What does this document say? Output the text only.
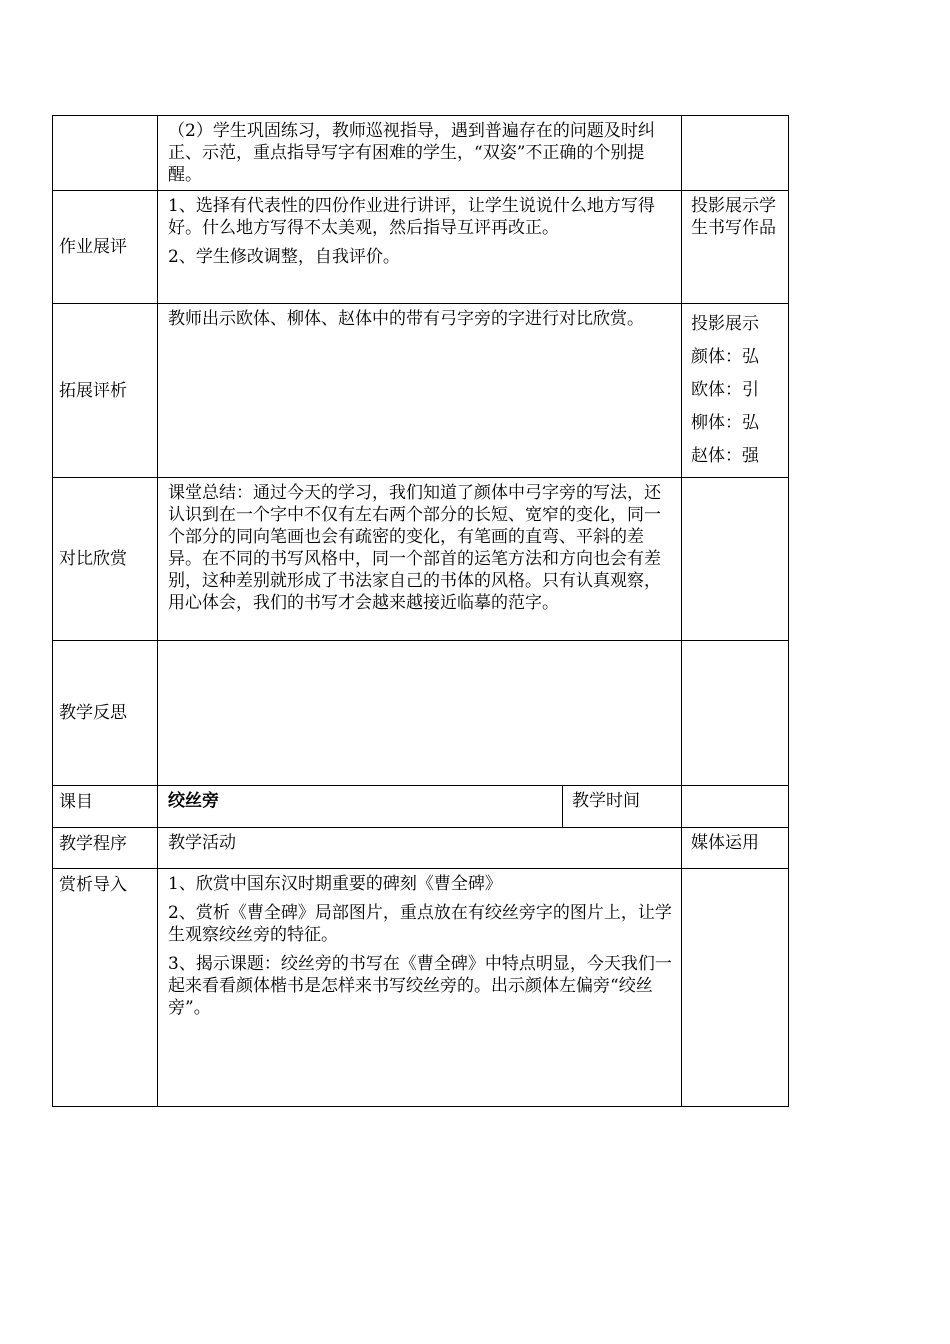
	（2）学生巩固练习，教师巡视指导，遇到普遍存在的问题及时纠正、示范，重点指导写字有困难的学生，“双姿”不正确的个别提醒。		
作业展评	1、选择有代表性的四份作业进行讲评，让学生说说什么地方写得好。什么地方写得不太美观，然后指导互评再改正。

2、学生修改调整，自我评价。		投影展示学生书写作品
拓展评析	教师出示欧体、柳体、赵体中的带有弓字旁的字进行对比欣赏。		投影展示

颜体：弘

欧体：引

柳体：弘

赵体：强

对比欣赏	课堂总结：通过今天的学习，我们知道了颜体中弓字旁的写法，还认识到在一个字中不仅有左右两个部分的长短、宽窄的变化，同一个部分的同向笔画也会有疏密的变化，有笔画的直弯、平斜的差异。在不同的书写风格中，同一个部首的运笔方法和方向也会有差别，这种差别就形成了书法家自己的书体的风格。只有认真观察，用心体会，我们的书写才会越来越接近临摹的范字。		
教学反思			
课目	绞丝旁	教学时间	
教学程序	教学活动		媒体运用
赏析导入	1、欣赏中国东汉时期重要的碑刻《曹全碑》

2、赏析《曹全碑》局部图片，重点放在有绞丝旁字的图片上，让学生观察绞丝旁的特征。

3、揭示课题：绞丝旁的书写在《曹全碑》中特点明显，今天我们一起来看看颜体楷书是怎样来书写绞丝旁的。出示颜体左偏旁“绞丝旁”。		
